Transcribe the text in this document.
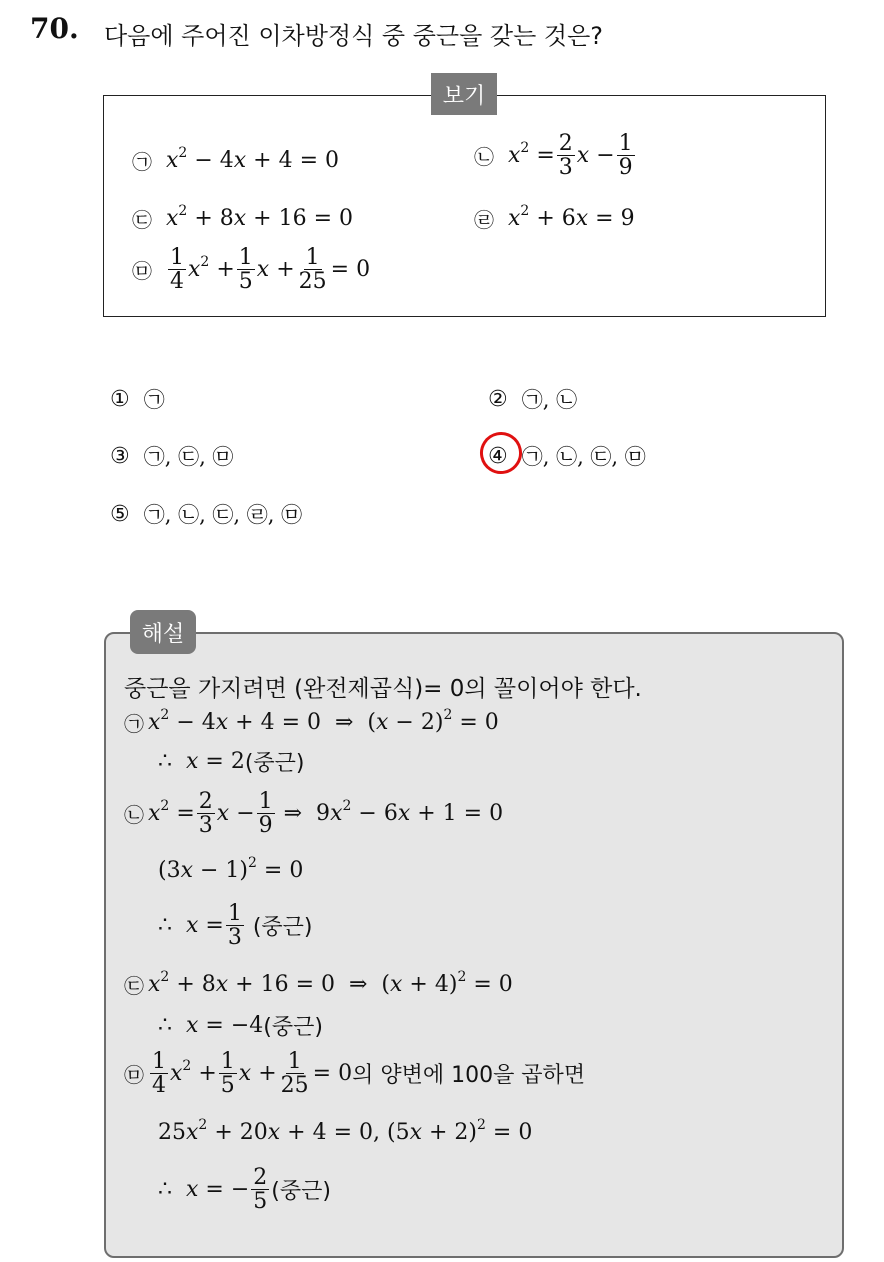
70. 다음에 주어진 이차방정식 중 중근을 갖는 것은?
보기
㉠ $x^2 - 4x + 4 = 0$	㉡ $x^2 = \frac{2}{3}$ $x - \frac{1}{9}$
㉢ $x^2 + 8x + 16 = 0$	㉣ $x^2 + 6x = 9$
㉤ $\frac{1}{4} x^2 + \frac{1}{5}$ $x + \frac{1}{25} = 0$
① ㉠	② ㉠, ㉡
③ ㉠, ㉢, ㉤	④ ㉠, ㉡, ㉢, ㉤
⑤ ㉠, ㉡, ㉢, ㉣, ㉤
해설
중근을 가지려면 (완전제곱식)= 0의 꼴이어야 한다.
㉠ $x^2 - 4x + 4 = 0$  ⇒  $(x - 2)^2 = 0$
∴  x = 2 (중근)
㉡ $x^2 = \frac{2}{3}$ $x - \frac{1}{9}$ ⇒  $9x^2 - 6x + 1 = 0$
$(3x - 1)^2 = 0$
∴  $x = \frac{1}{3}$
(중근)
㉢ $x^2 + 8x + 16 = 0$  ⇒  $(x + 4)^2 = 0$
∴  x = −4 (중근)
㉤ $\frac{1}{4} x^2 + \frac{1}{5}$ $x + \frac{1}{25} = 0$ 의 양변에 100을 곱하면
$25x^2 + 20x + 4 = 0$, $(5x + 2)^2 = 0$
∴  x = − $\frac{2}{5}$ (중근)
